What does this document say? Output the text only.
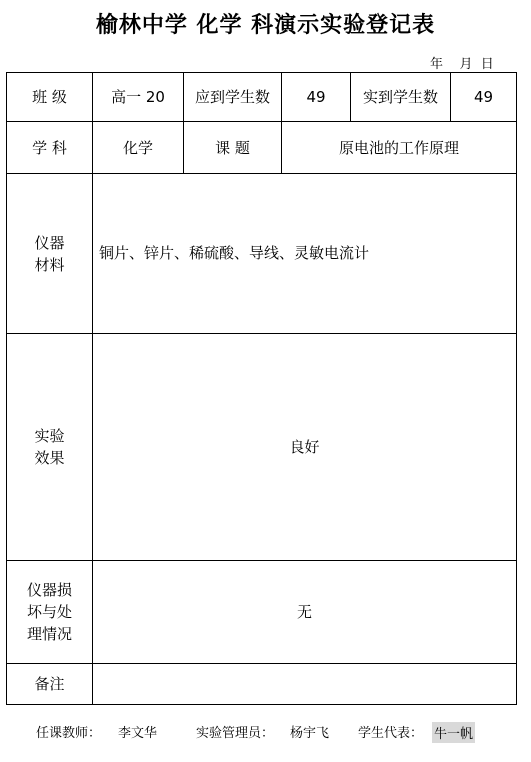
榆林中学 化学 科演示实验登记表
年    月  日
班 级	高一 20	应到学生数	49	实到学生数	49
学 科	化学	课 题	原电池的工作原理		

仪器
材料	铜片、锌片、稀硫酸、导线、灵敏电流计				

实验
效果	良好				

仪器损
坏与处
理情况	无				
备注					
任课教师： 李文华	实验管理员： 杨宇飞 学生代表： 牛一帆
